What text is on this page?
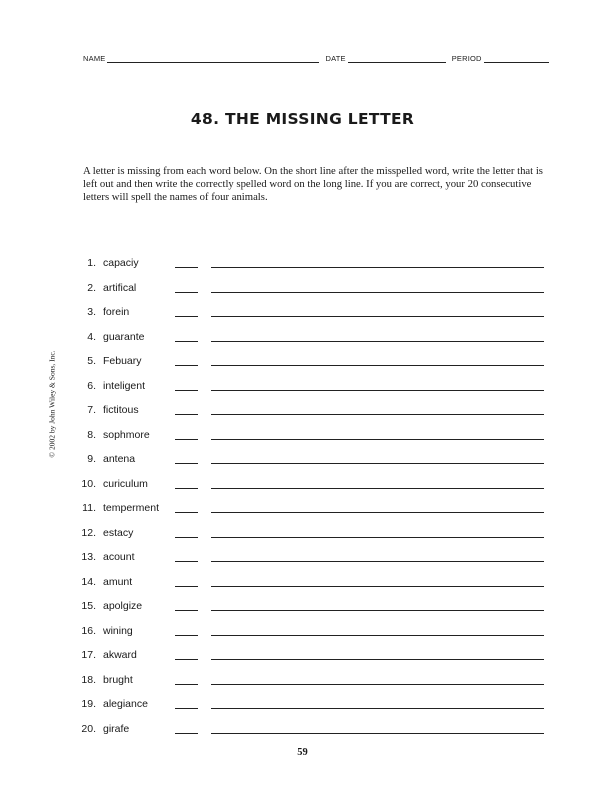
NAME	DATE	PERIOD
48. THE MISSING LETTER
A letter is missing from each word below. On the short line after the misspelled word, write the letter that is left out and then write the correctly spelled word on the long line. If you are correct, your 20 consecutive letters will spell the names of four animals.
© 2002 by John Wiley & Sons, Inc.
1. capaciy
2. artifical
3. forein
4. guarante
5. Febuary
6. inteligent
7. fictitous
8. sophmore
9. antena
10. curiculum
11. temperment
12. estacy
13. acount
14. amunt
15. apolgize
16. wining
17. akward
18. brught
19. alegiance
20. girafe
59
